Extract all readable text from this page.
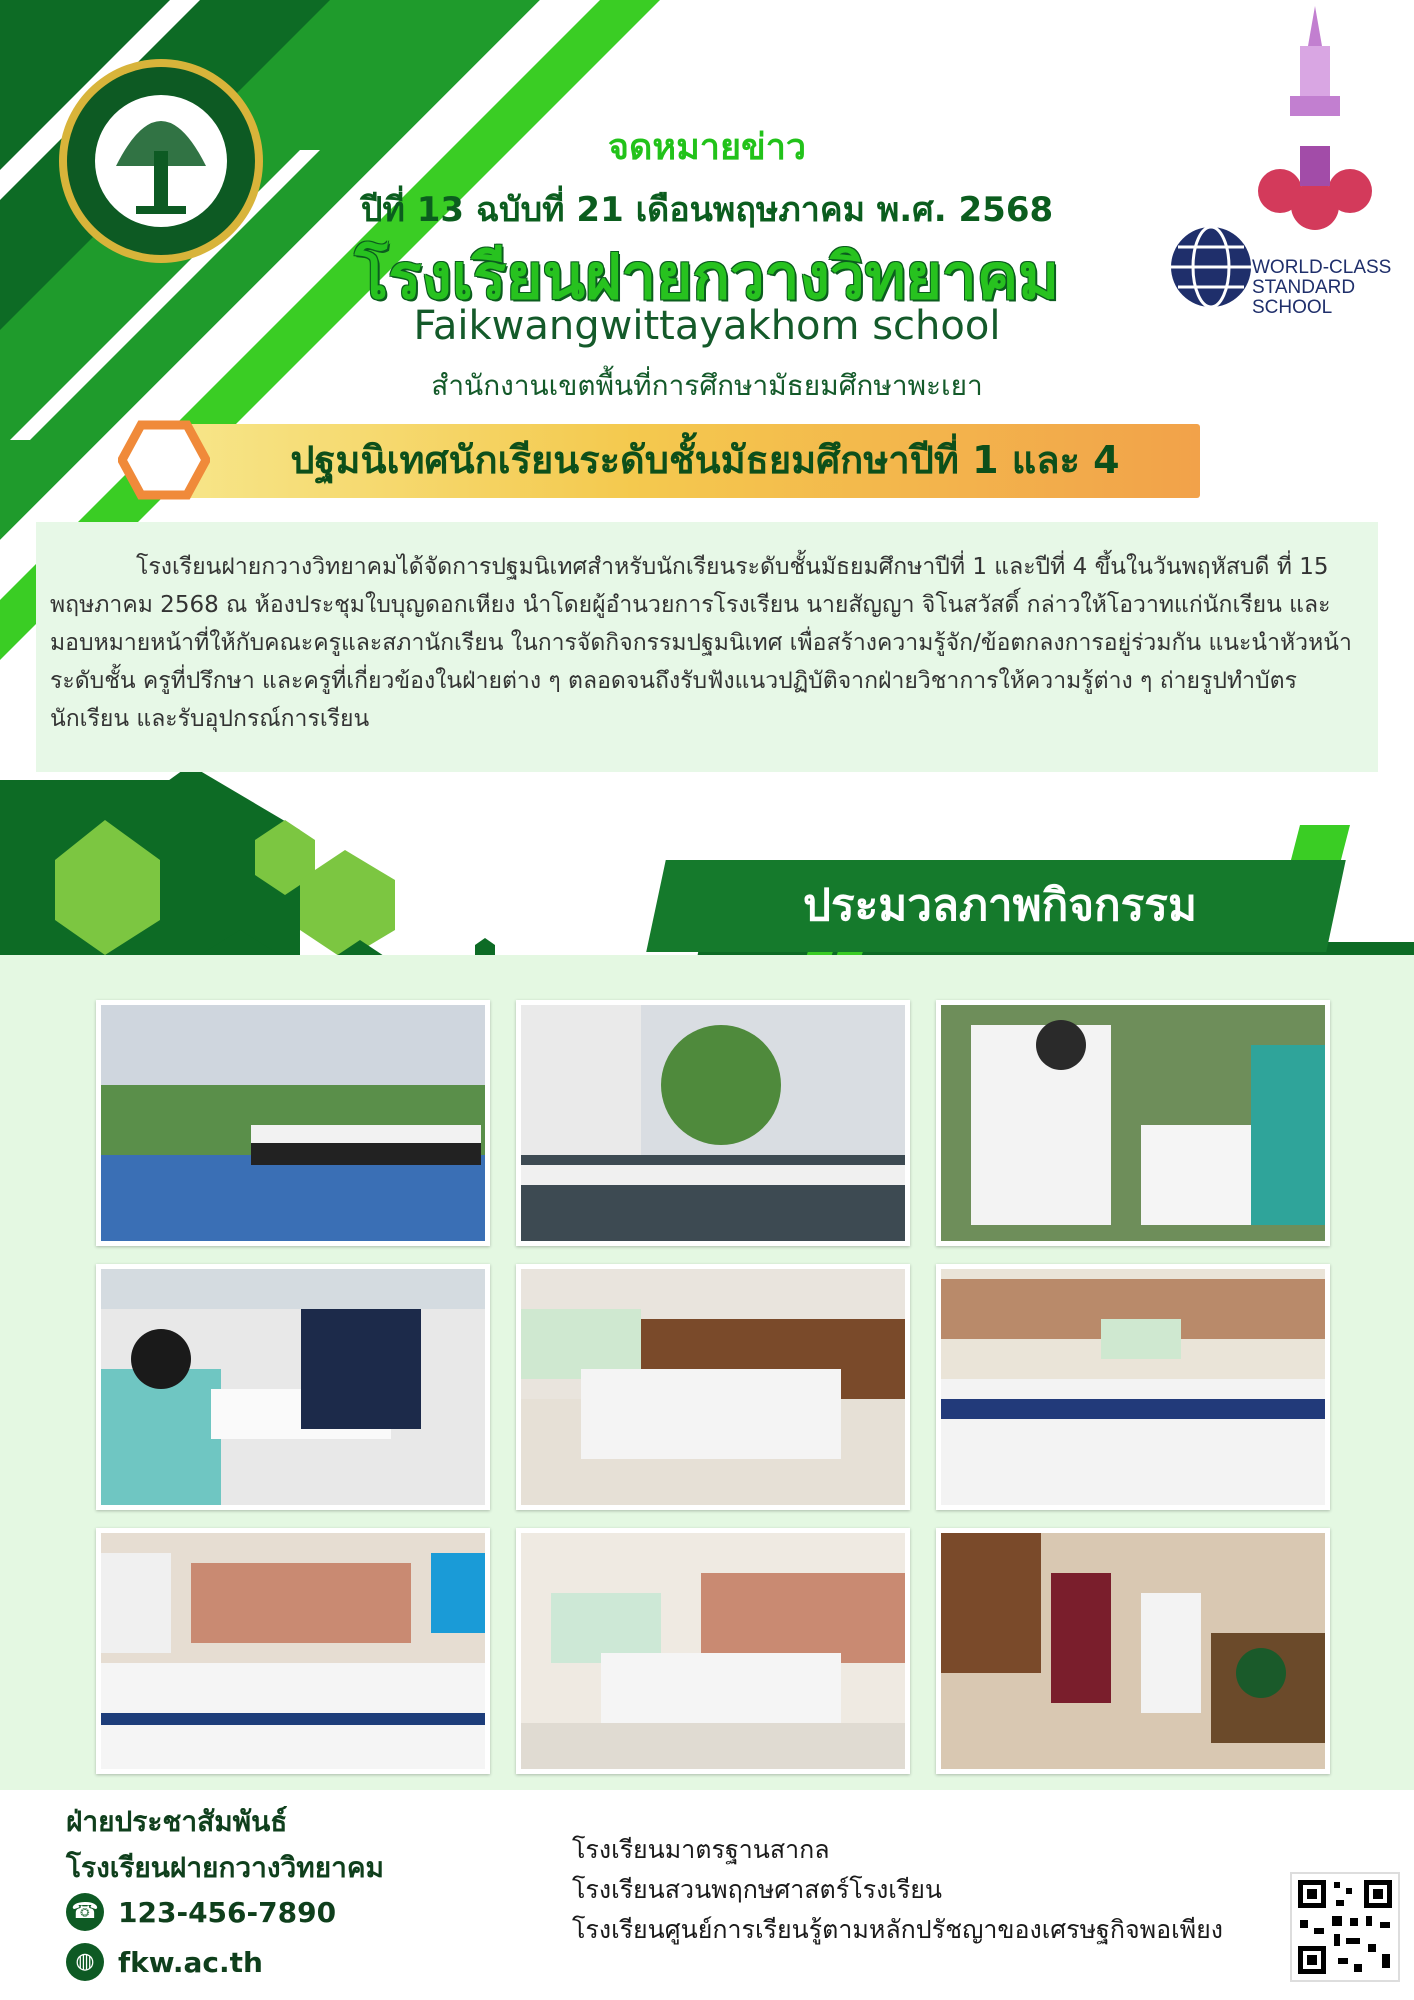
WORLD-CLASS
STANDARD SCHOOL
จดหมายข่าว
ปีที่ 13 ฉบับที่ 21 เดือนพฤษภาคม พ.ศ. 2568
โรงเรียนฝายกวางวิทยาคม
Faikwangwittayakhom school
สำนักงานเขตพื้นที่การศึกษามัธยมศึกษาพะเยา
ปฐมนิเทศนักเรียนระดับชั้นมัธยมศึกษาปีที่ 1 และ 4
โรงเรียนฝายกวางวิทยาคมได้จัดการปฐมนิเทศสำหรับนักเรียนระดับชั้นมัธยมศึกษาปีที่ 1 และปีที่ 4 ขึ้นในวันพฤหัสบดี ที่ 15 พฤษภาคม 2568 ณ ห้องประชุมใบบุญดอกเหียง นำโดยผู้อำนวยการโรงเรียน นายสัญญา จิโนสวัสดิ์ กล่าวให้โอวาทแก่นักเรียน และมอบหมายหน้าที่ให้กับคณะครูและสภานักเรียน ในการจัดกิจกรรมปฐมนิเทศ เพื่อสร้างความรู้จัก/ข้อตกลงการอยู่ร่วมกัน แนะนำหัวหน้าระดับชั้น ครูที่ปรึกษา และครูที่เกี่ยวข้องในฝ่ายต่าง ๆ ตลอดจนถึงรับฟังแนวปฏิบัติจากฝ่ายวิชาการให้ความรู้ต่าง ๆ ถ่ายรูปทำบัตรนักเรียน และรับอุปกรณ์การเรียน
ประมวลภาพกิจกรรม
ฝ่ายประชาสัมพันธ์
โรงเรียนฝายกวางวิทยาคม
☎ 123-456-7890
◍ fkw.ac.th
โรงเรียนมาตรฐานสากล
โรงเรียนสวนพฤกษศาสตร์โรงเรียน
โรงเรียนศูนย์การเรียนรู้ตามหลักปรัชญาของเศรษฐกิจพอเพียง
